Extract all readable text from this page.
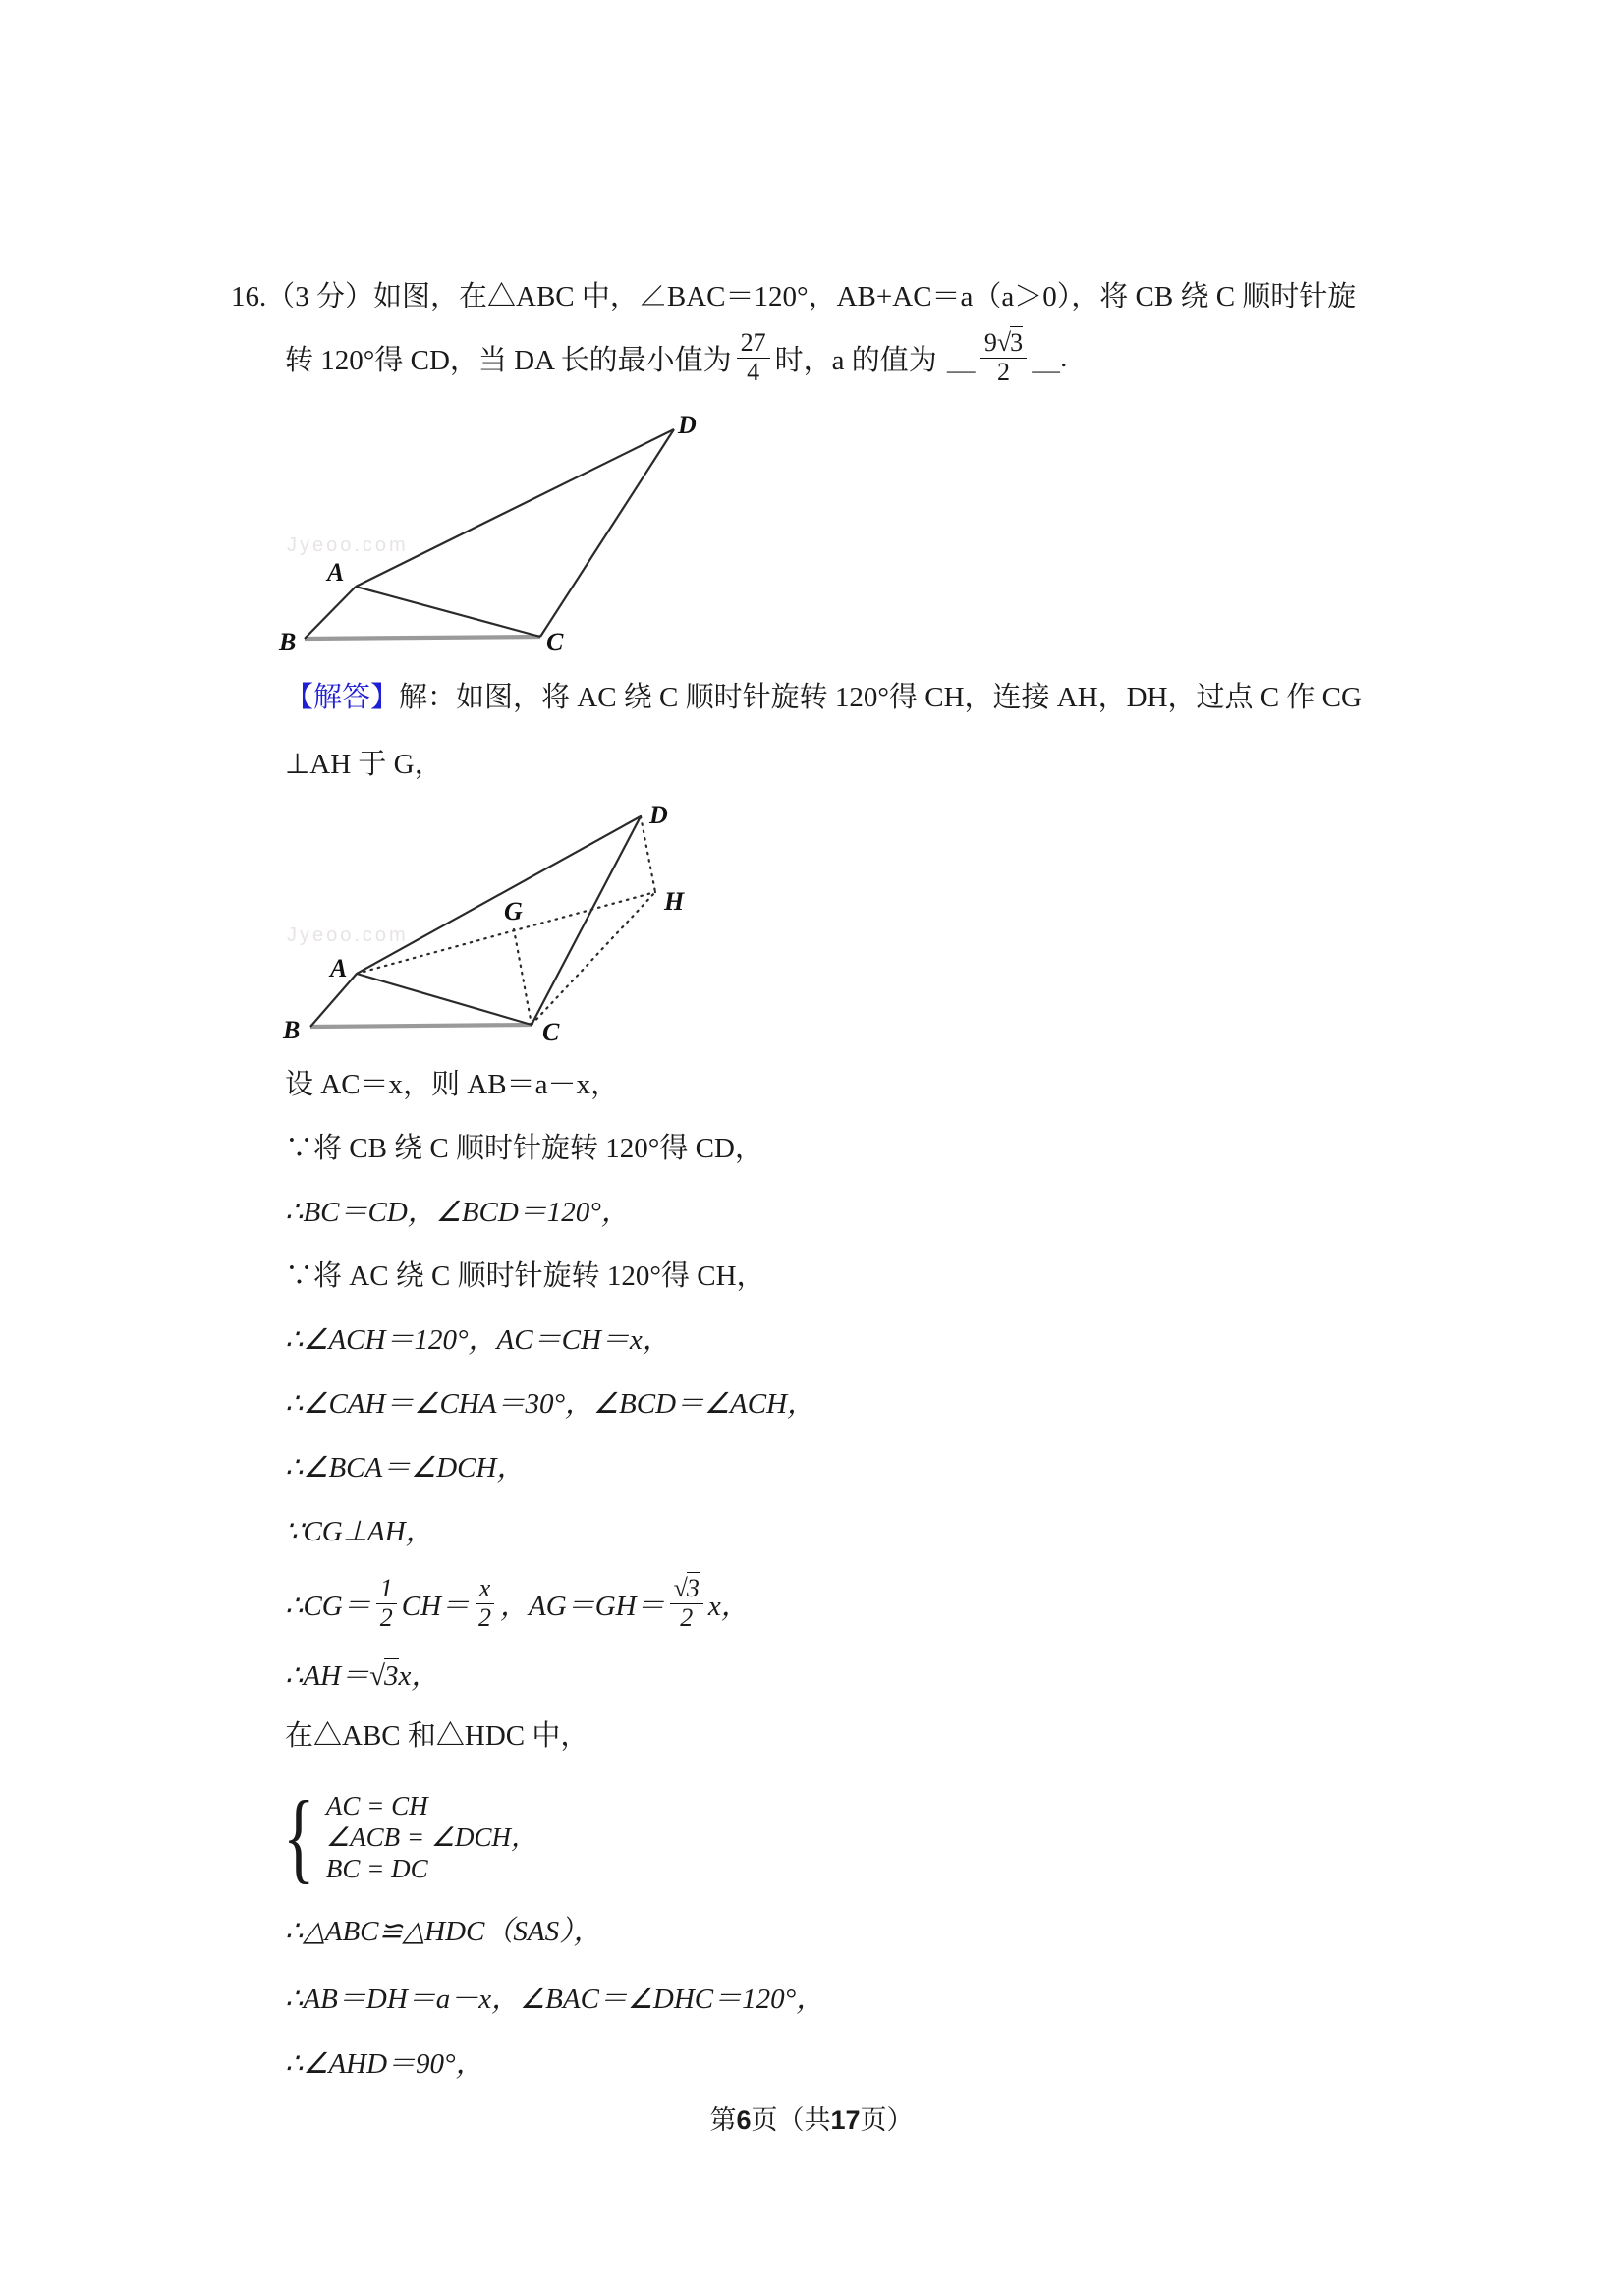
16.（3 分）如图，在△ABC 中，∠BAC＝120°，AB+AC＝a（a＞0），将 CB 绕 C 顺时针旋
转 120°得 CD，当 DA 长的最小值为 $\frac{27}{4}$ 时，a 的值为 ＿ $\frac{9√3}{2}$ ＿ .
Jyeoo.com
A
B	C
D
【解答】解：如图，将 AC 绕 C 顺时针旋转 120°得 CH，连接 AH，DH，过点 C 作 CG
⊥AH 于 G，
Jyeoo.com
A
B	C
D
G	H
设 AC＝x，则 AB＝a－x，
∵将 CB 绕 C 顺时针旋转 120°得 CD，
∴BC＝CD，∠BCD＝120°，
∵将 AC 绕 C 顺时针旋转 120°得 CH，
∴∠ACH＝120°，AC＝CH＝x，
∴∠CAH＝∠CHA＝30°，∠BCD＝∠ACH，
∴∠BCA＝∠DCH，
∵CG⊥AH，
∴CG＝ $\frac{1}{2} CH= \frac{x}{2}$ ，$AG=GH= \frac{√3}{2}$ x，
∴AH＝√3x，
在△ABC 和△HDC 中，
{ AC = CH
∠ACB = ∠DCH，
BC = DC
∴△ABC≌△HDC（SAS），
∴AB＝DH＝a－x，∠BAC＝∠DHC＝120°，
∴∠AHD＝90°，
第6页（共17页）
